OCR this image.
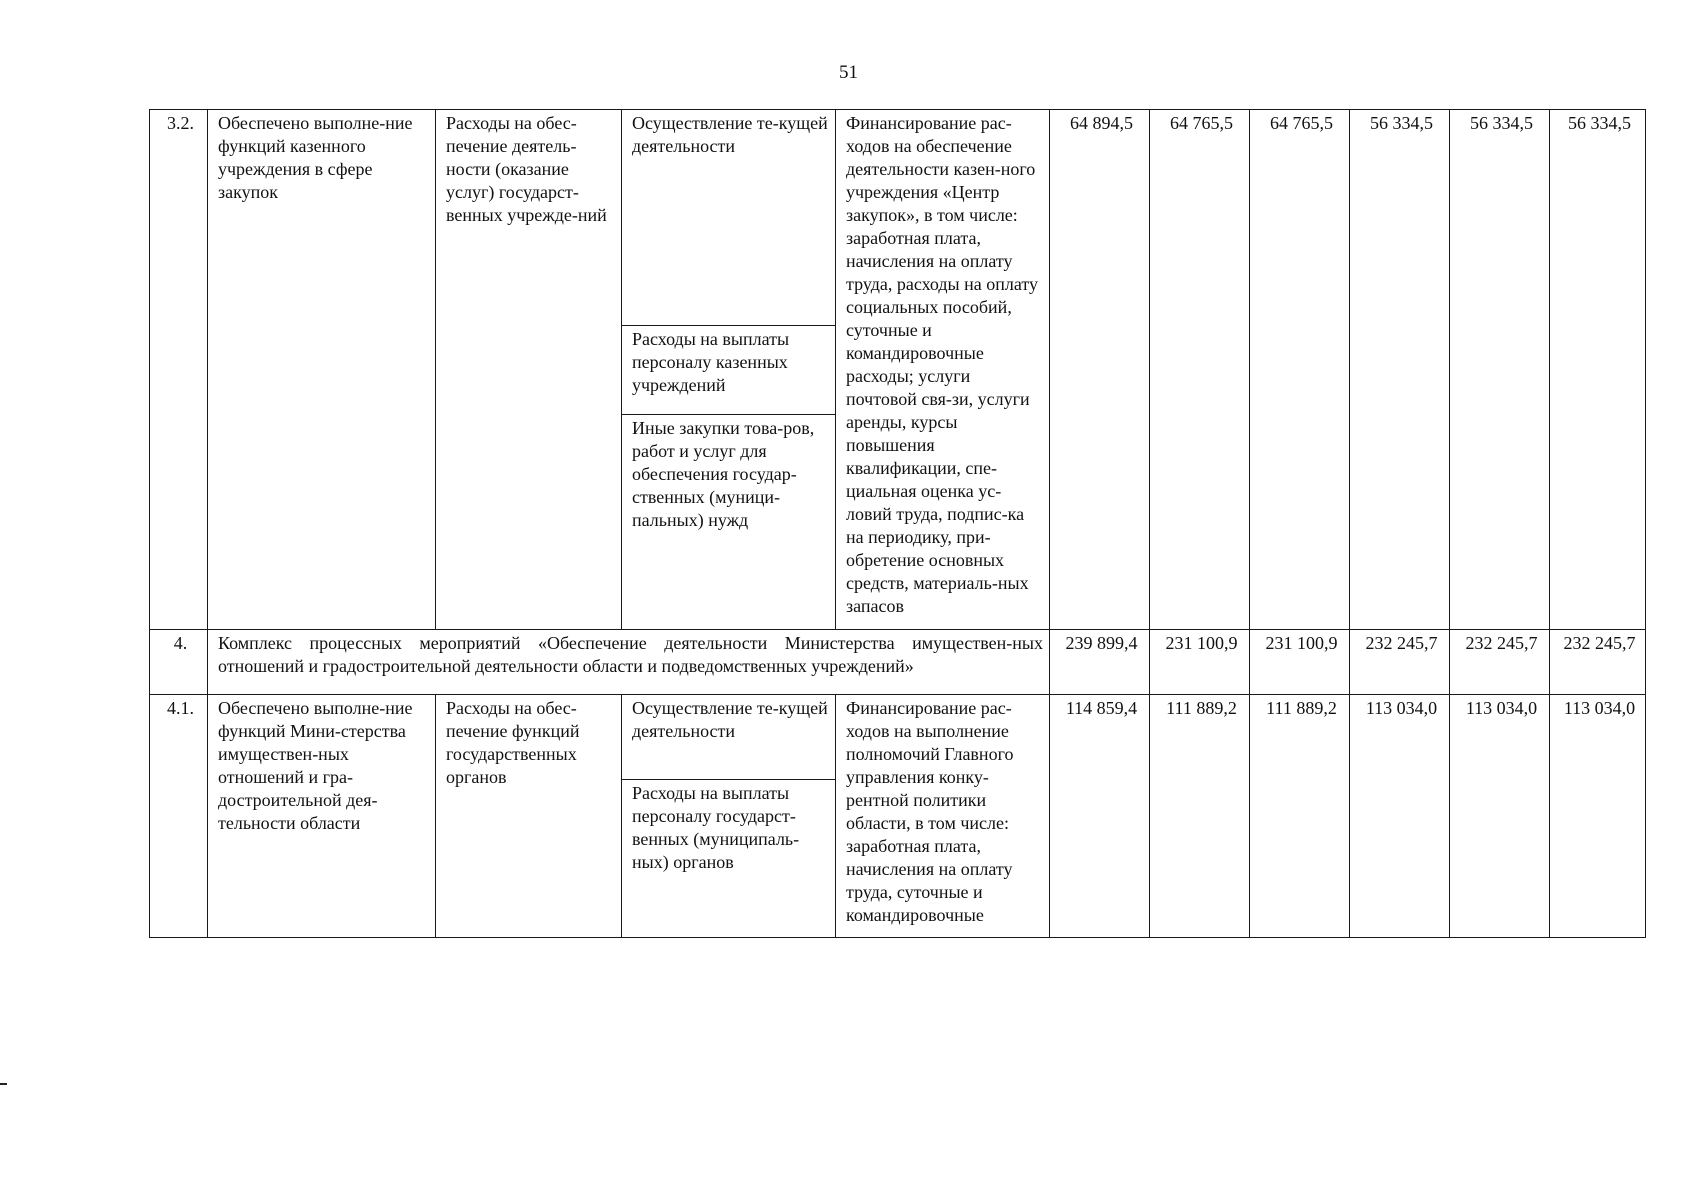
51
3.2.	Обеспечено выполне-ние функций казенного учреждения в сфере закупок	Расходы на обес-печение деятель-ности (оказание услуг) государст-венных учрежде-ний	Осуществление те-кущей деятельности	Финансирование рас-ходов на обеспечение деятельности казен-ного учреждения «Центр закупок», в том числе: заработная плата, начисления на оплату труда, расходы на оплату социальных пособий, суточные и командировочные расходы; услуги почтовой свя-зи, услуги аренды, курсы повышения квалификации, спе-циальная оценка ус-ловий труда, подпис-ка на периодику, при-обретение основных средств, материаль-ных запасов	64 894,5	64 765,5	64 765,5	56 334,5	56 334,5	56 334,5
			Расходы на выплаты персоналу казенных учреждений							
			Иные закупки това-ров, работ и услуг для обеспечения государ-ственных (муници-пальных) нужд							
4.	Комплекс процессных мероприятий «Обеспечение деятельности Министерства имуществен-ных отношений и градостроительной деятельности области и подведомственных учреждений»				239 899,4	231 100,9	231 100,9	232 245,7	232 245,7	232 245,7
4.1.	Обеспечено выполне-ние функций Мини-стерства имуществен-ных отношений и гра-достроительной дея-тельности области	Расходы на обес-печение функций государственных органов	Осуществление те-кущей деятельности	Финансирование рас-ходов на выполнение полномочий Главного управления конку-рентной политики области, в том числе: заработная плата, начисления на оплату труда, суточные и командировочные	114 859,4	111 889,2	111 889,2	113 034,0	113 034,0	113 034,0
			Расходы на выплаты персоналу государст-венных (муниципаль-ных) органов							
